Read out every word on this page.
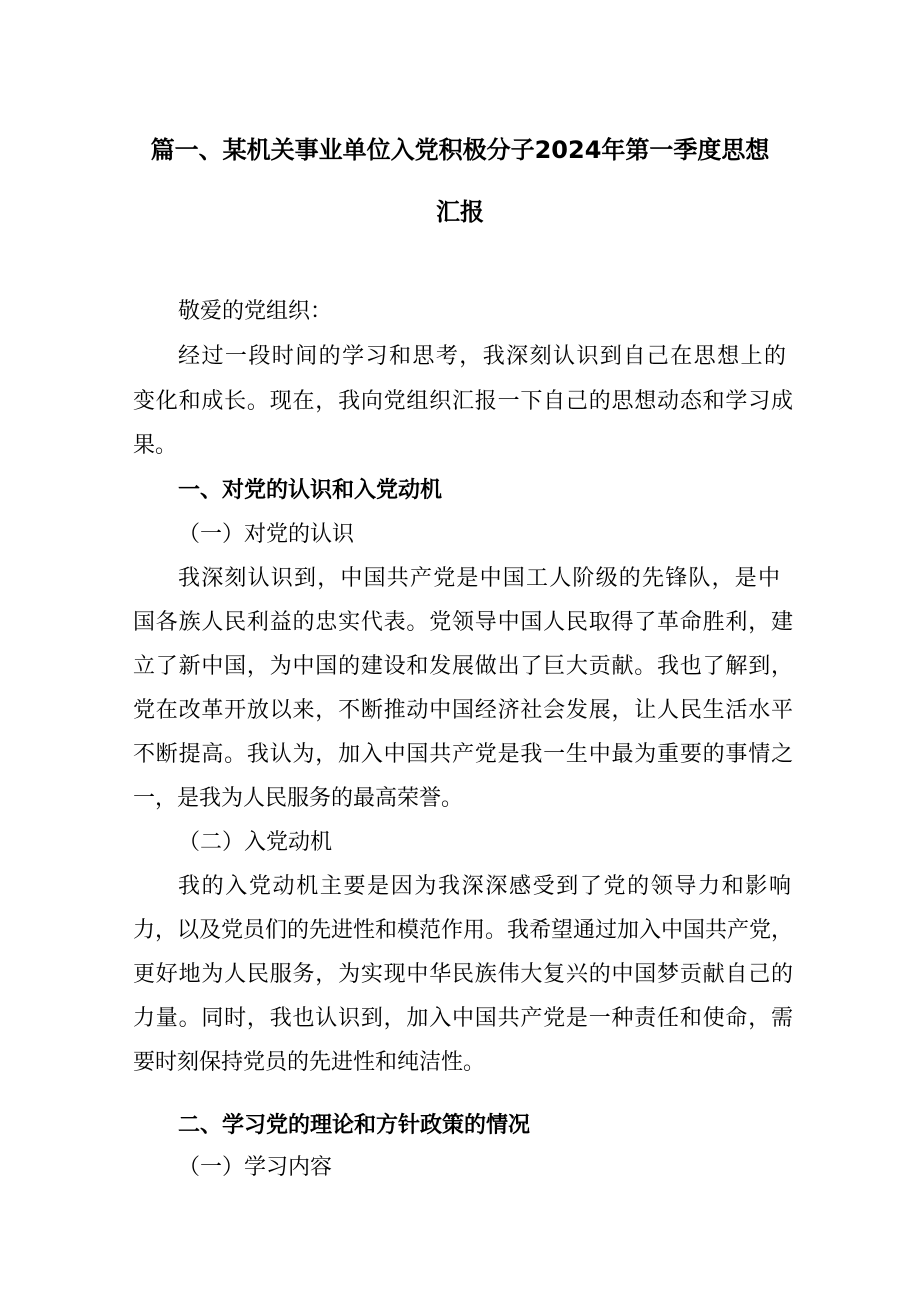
篇一、某机关事业单位入党积极分子2024年第一季度思想
汇报
敬爱的党组织：
经过一段时间的学习和思考，我深刻认识到自己在思想上的
变化和成长。现在，我向党组织汇报一下自己的思想动态和学习成
果。
一、对党的认识和入党动机
（一）对党的认识
我深刻认识到，中国共产党是中国工人阶级的先锋队，是中
国各族人民利益的忠实代表。党领导中国人民取得了革命胜利，建
立了新中国，为中国的建设和发展做出了巨大贡献。我也了解到，
党在改革开放以来，不断推动中国经济社会发展，让人民生活水平
不断提高。我认为，加入中国共产党是我一生中最为重要的事情之
一，是我为人民服务的最高荣誉。
（二）入党动机
我的入党动机主要是因为我深深感受到了党的领导力和影响
力，以及党员们的先进性和模范作用。我希望通过加入中国共产党，
更好地为人民服务，为实现中华民族伟大复兴的中国梦贡献自己的
力量。同时，我也认识到，加入中国共产党是一种责任和使命，需
要时刻保持党员的先进性和纯洁性。
二、学习党的理论和方针政策的情况
（一）学习内容
